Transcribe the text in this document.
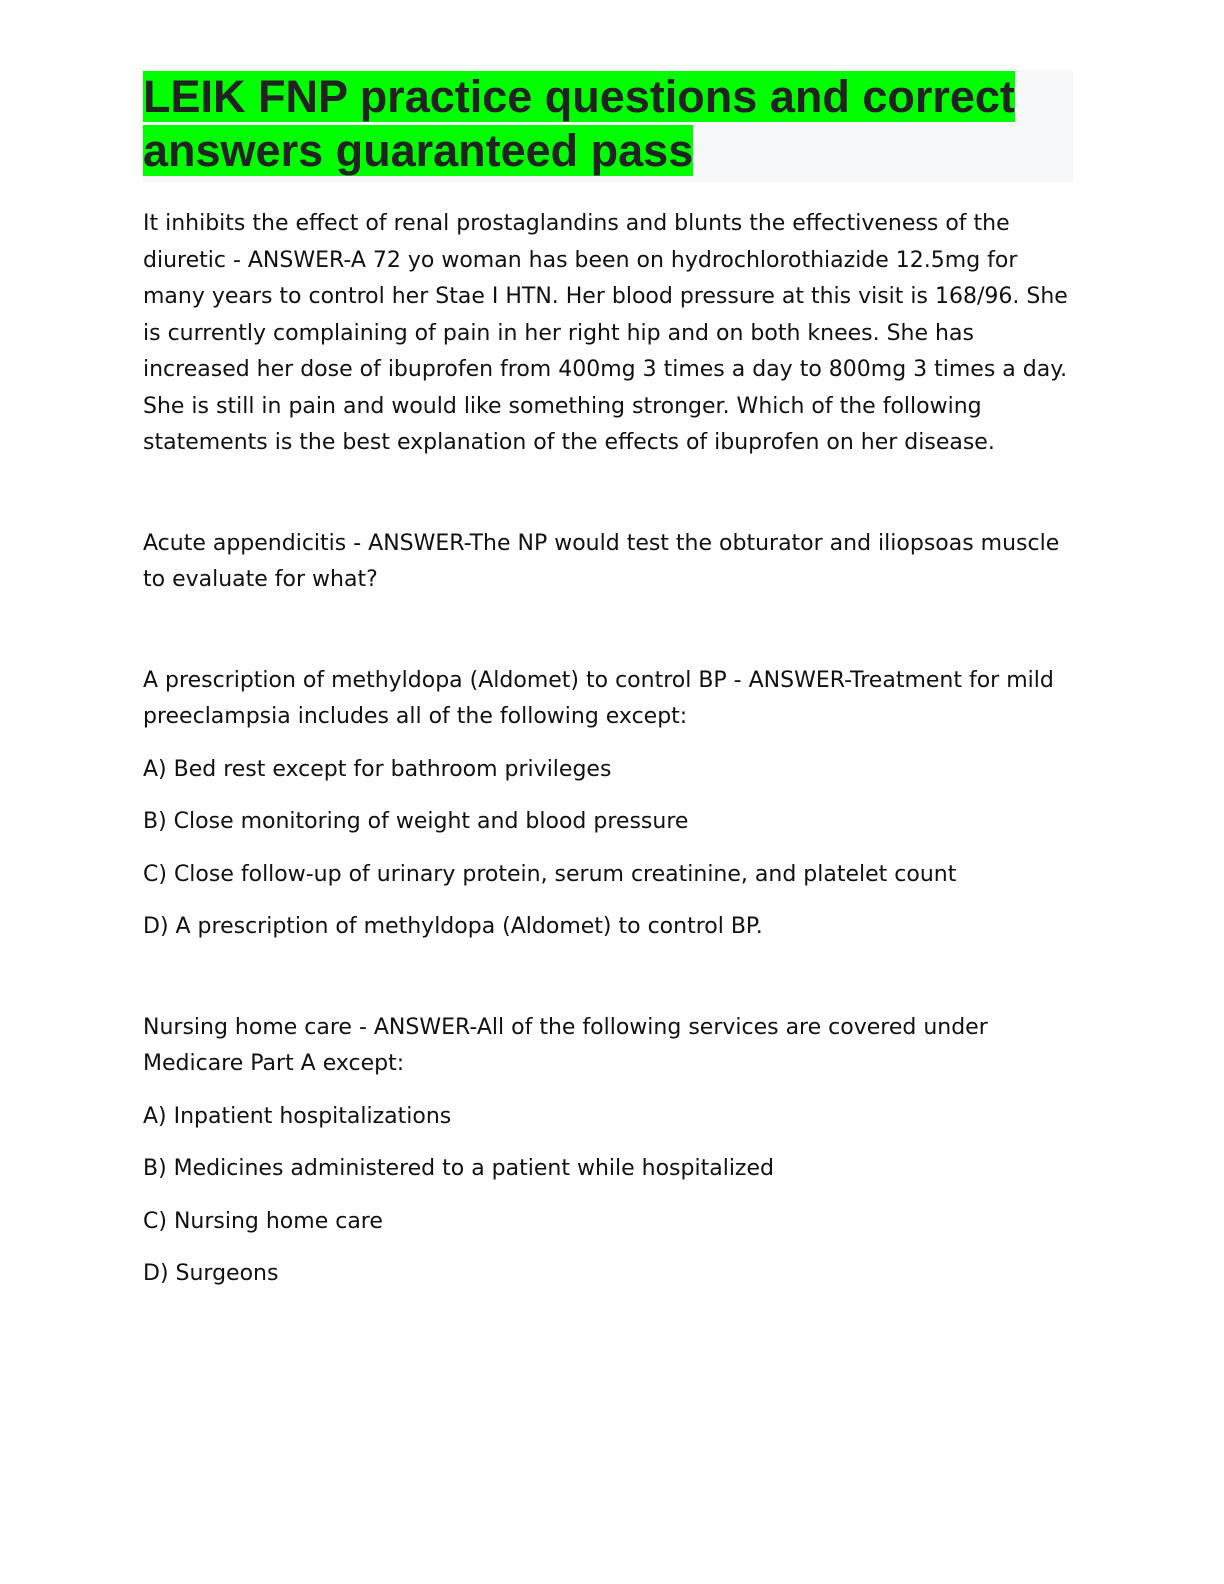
LEIK FNP practice questions and correct answers guaranteed pass

It inhibits the effect of renal prostaglandins and blunts the effectiveness of the diuretic - ANSWER-A 72 yo woman has been on hydrochlorothiazide 12.5mg for many years to control her Stae I HTN. Her blood pressure at this visit is 168/96. She is currently complaining of pain in her right hip and on both knees. She has increased her dose of ibuprofen from 400mg 3 times a day to 800mg 3 times a day. She is still in pain and would like something stronger. Which of the following statements is the best explanation of the effects of ibuprofen on her disease.

Acute appendicitis - ANSWER-The NP would test the obturator and iliopsoas muscle to evaluate for what?

A prescription of methyldopa (Aldomet) to control BP - ANSWER-Treatment for mild preeclampsia includes all of the following except:

A) Bed rest except for bathroom privileges

B) Close monitoring of weight and blood pressure

C) Close follow-up of urinary protein, serum creatinine, and platelet count

D) A prescription of methyldopa (Aldomet) to control BP.

Nursing home care - ANSWER-All of the following services are covered under Medicare Part A except:

A) Inpatient hospitalizations

B) Medicines administered to a patient while hospitalized

C) Nursing home care

D) Surgeons
